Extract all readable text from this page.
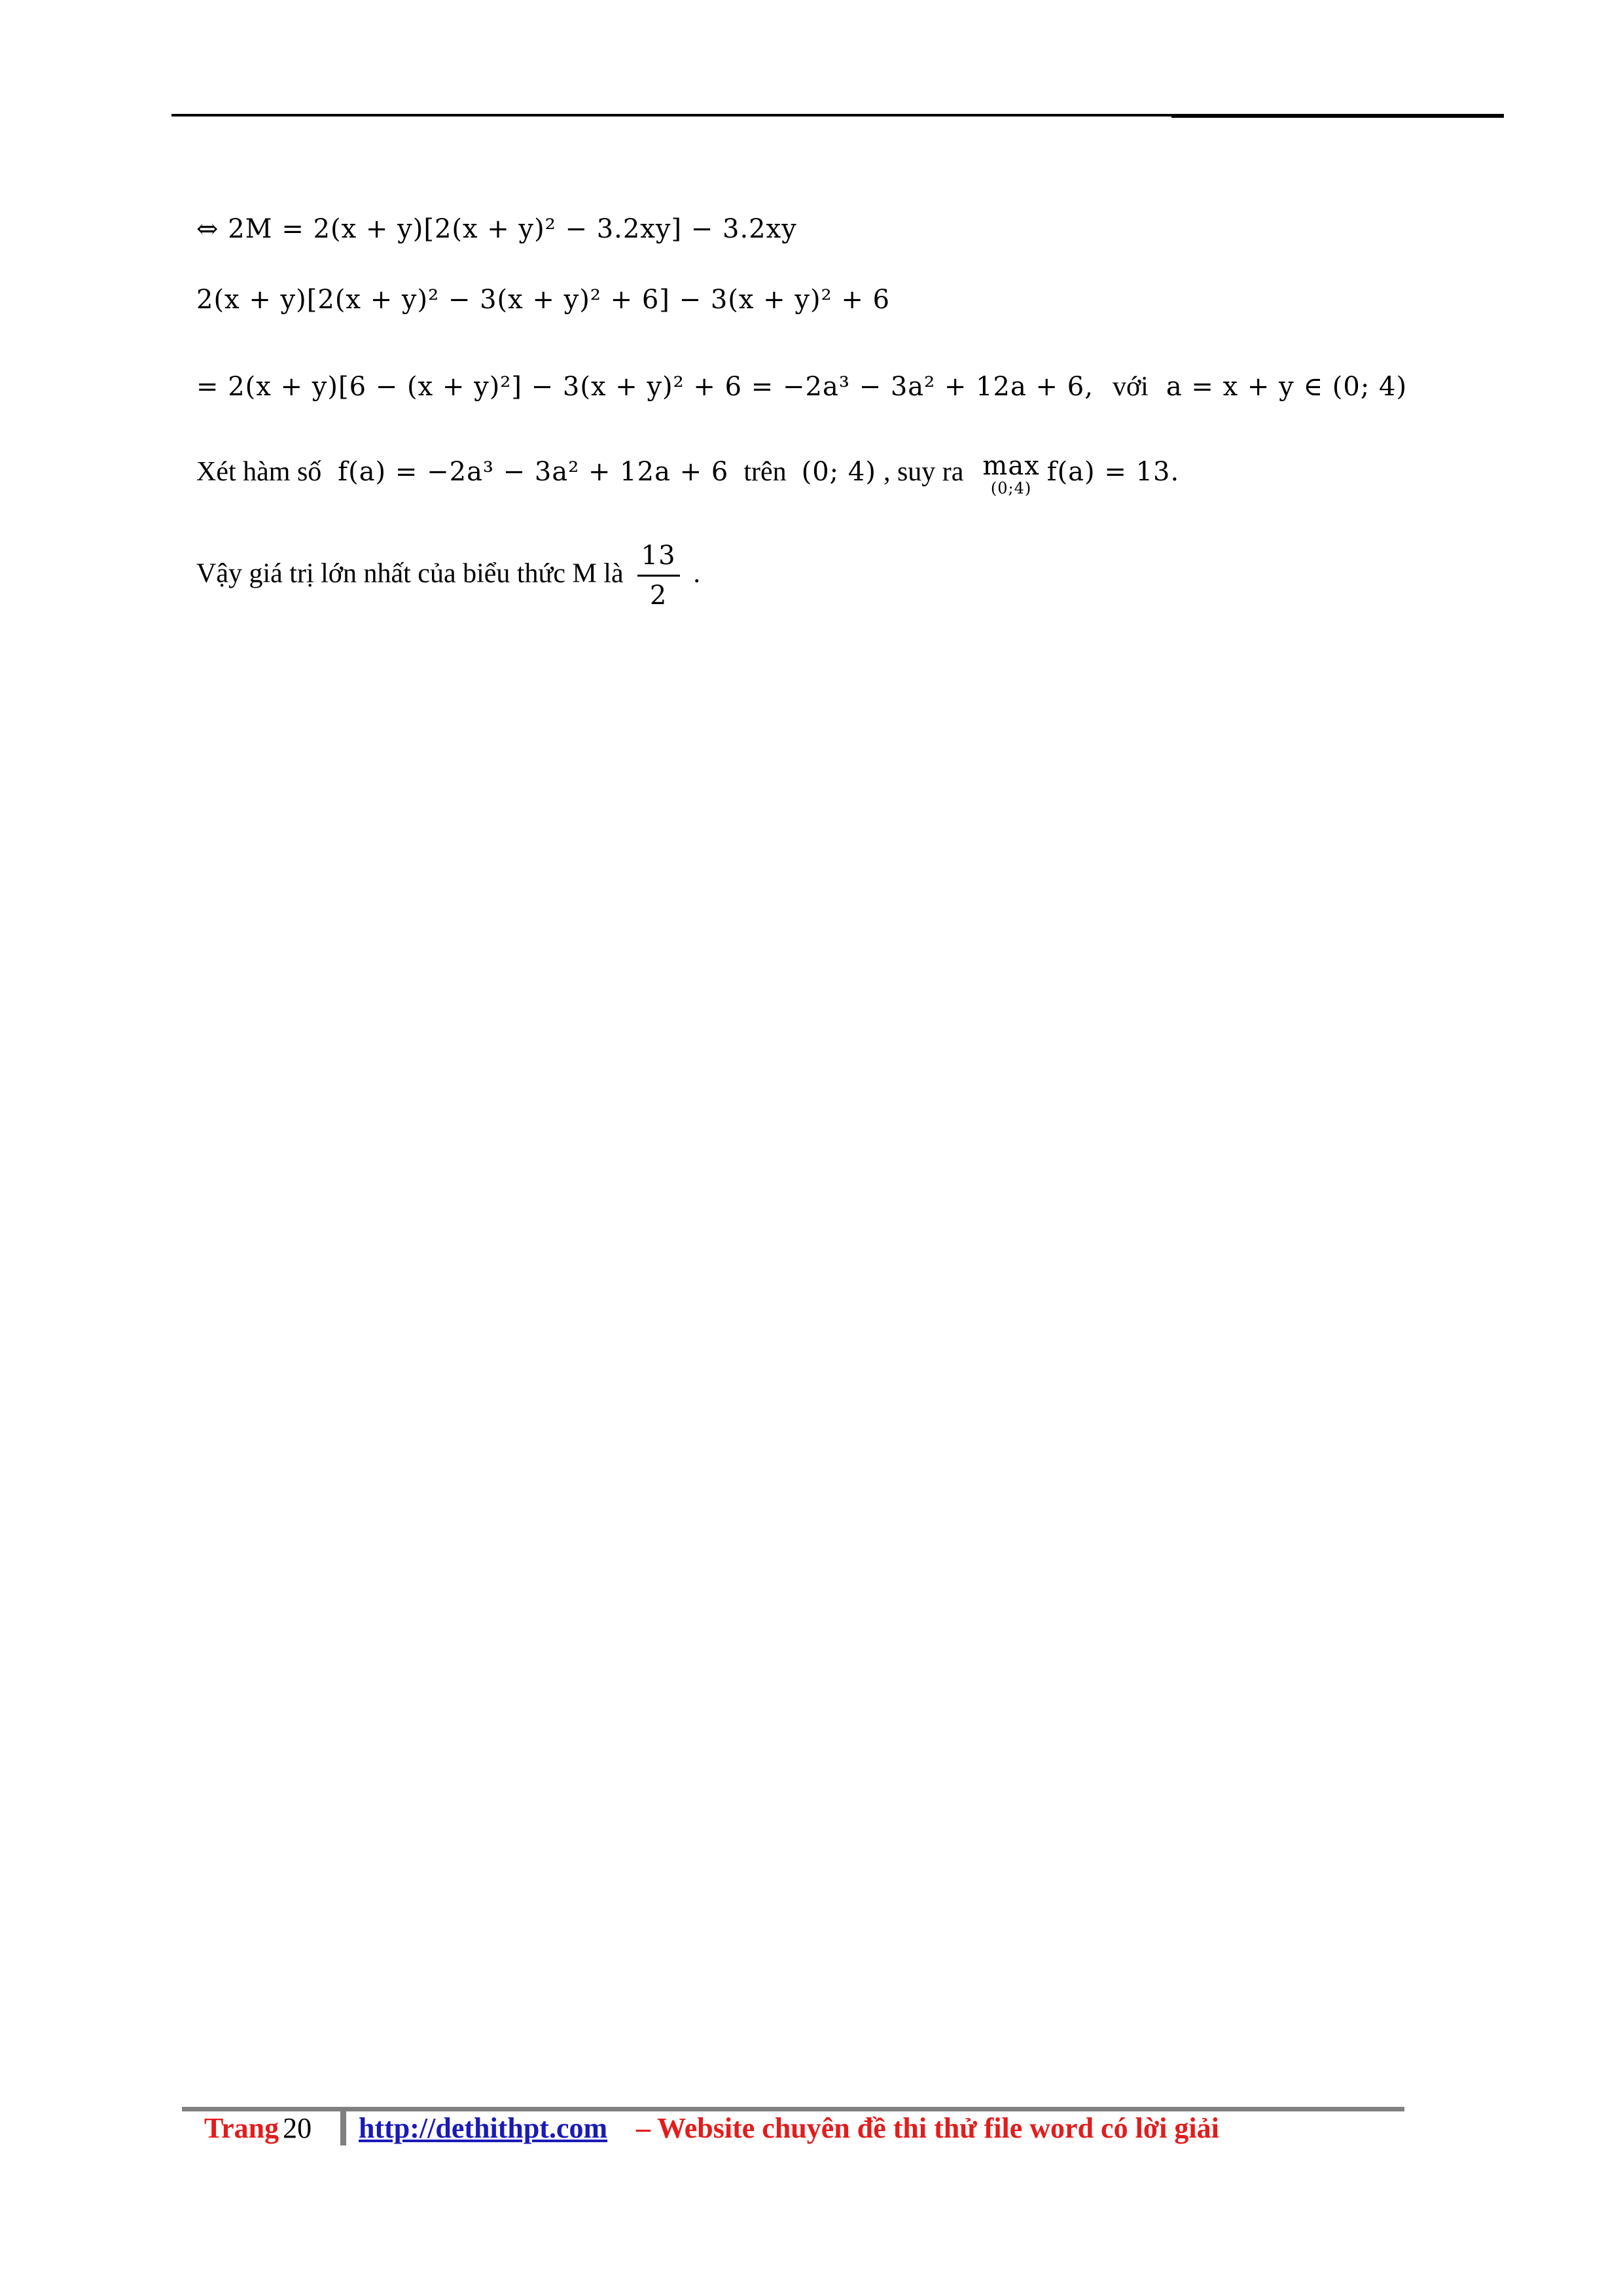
⇔ 2M = 2(x + y)[2(x + y)² − 3.2xy] − 3.2xy
2(x + y)[2(x + y)² − 3(x + y)² + 6] − 3(x + y)² + 6
= 2(x + y)[6 − (x + y)²] − 3(x + y)² + 6 = −2a³ − 3a² + 12a + 6, với a = x + y ∈ (0; 4)
Xét hàm số f(a) = −2a³ − 3a² + 12a + 6 trên (0; 4) , suy ra max
(0;4)
f(a) = 13.
Vậy giá trị lớn nhất của biểu thức M là $\frac{13}{2}$ .
Trang 20 http://dethithpt.com – Website chuyên đề thi thử file word có lời giải
